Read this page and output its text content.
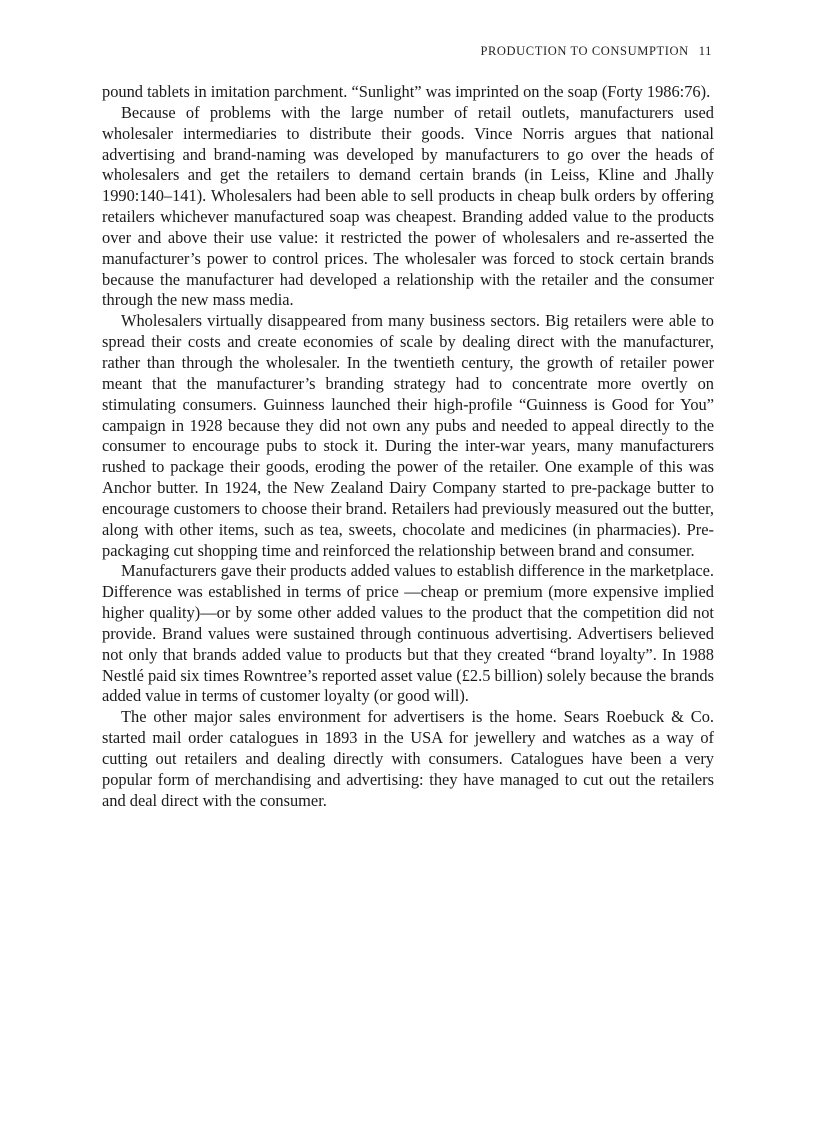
PRODUCTION TO CONSUMPTION 11

pound tablets in imitation parchment. “Sunlight” was imprinted on the soap (Forty 1986:76).

Because of problems with the large number of retail outlets, manufacturers used wholesaler intermediaries to distribute their goods. Vince Norris argues that national advertising and brand-naming was developed by manufacturers to go over the heads of wholesalers and get the retailers to demand certain brands (in Leiss, Kline and Jhally 1990:140–141). Wholesalers had been able to sell products in cheap bulk orders by offering retailers whichever manufactured soap was cheapest. Branding added value to the products over and above their use value: it restricted the power of wholesalers and re-asserted the manufacturer’s power to control prices. The wholesaler was forced to stock certain brands because the manufacturer had developed a relationship with the retailer and the consumer through the new mass media.

Wholesalers virtually disappeared from many business sectors. Big retailers were able to spread their costs and create economies of scale by dealing direct with the manufacturer, rather than through the wholesaler. In the twentieth century, the growth of retailer power meant that the manufacturer’s branding strategy had to concentrate more overtly on stimulating consumers. Guinness launched their high-profile “Guinness is Good for You” campaign in 1928 because they did not own any pubs and needed to appeal directly to the consumer to encourage pubs to stock it. During the inter-war years, many manufacturers rushed to package their goods, eroding the power of the retailer. One example of this was Anchor butter. In 1924, the New Zealand Dairy Company started to pre-package butter to encourage customers to choose their brand. Retailers had previously measured out the butter, along with other items, such as tea, sweets, chocolate and medicines (in pharmacies). Pre-packaging cut shopping time and reinforced the relationship between brand and consumer.

Manufacturers gave their products added values to establish difference in the marketplace. Difference was established in terms of price —cheap or premium (more expensive implied higher quality)—or by some other added values to the product that the competition did not provide. Brand values were sustained through continuous advertising. Advertisers believed not only that brands added value to products but that they created “brand loyalty”. In 1988 Nestlé paid six times Rowntree’s reported asset value (£2.5 billion) solely because the brands added value in terms of customer loyalty (or good will).

The other major sales environment for advertisers is the home. Sears Roebuck & Co. started mail order catalogues in 1893 in the USA for jewellery and watches as a way of cutting out retailers and dealing directly with consumers. Catalogues have been a very popular form of merchandising and advertising: they have managed to cut out the retailers and deal direct with the consumer.
